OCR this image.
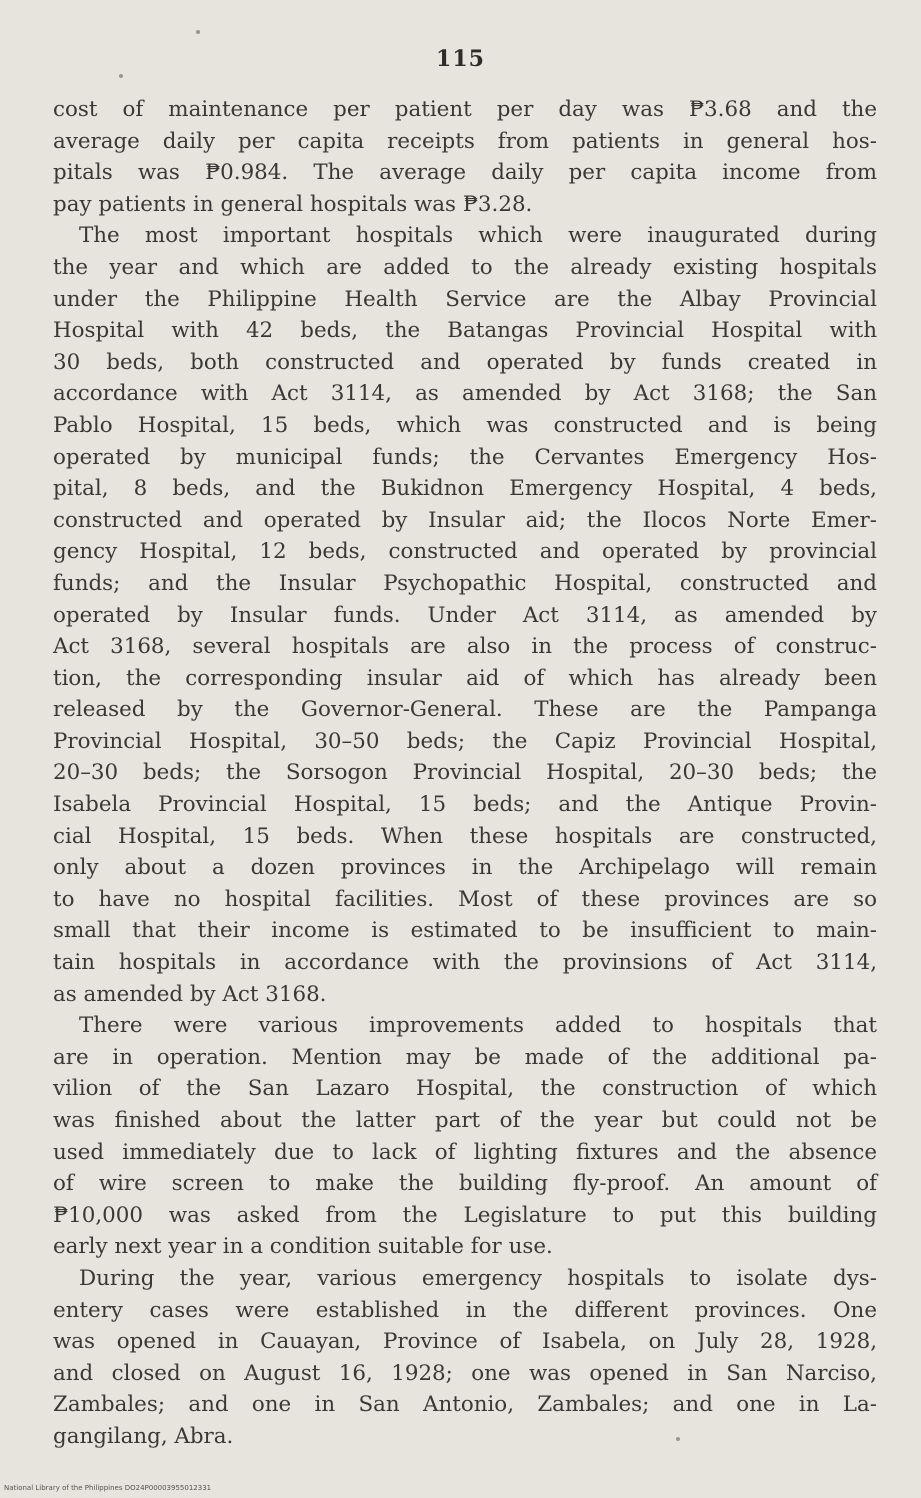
115

cost of maintenance per patient per day was ₱3.68 and the
average daily per capita receipts from patients in general hos-
pitals was ₱0.984. The average daily per capita income from
pay patients in general hospitals was ₱3.28.

The most important hospitals which were inaugurated during
the year and which are added to the already existing hospitals
under the Philippine Health Service are the Albay Provincial
Hospital with 42 beds, the Batangas Provincial Hospital with
30 beds, both constructed and operated by funds created in
accordance with Act 3114, as amended by Act 3168; the San
Pablo Hospital, 15 beds, which was constructed and is being
operated by municipal funds; the Cervantes Emergency Hos-
pital, 8 beds, and the Bukidnon Emergency Hospital, 4 beds,
constructed and operated by Insular aid; the Ilocos Norte Emer-
gency Hospital, 12 beds, constructed and operated by provincial
funds; and the Insular Psychopathic Hospital, constructed and
operated by Insular funds. Under Act 3114, as amended by
Act 3168, several hospitals are also in the process of construc-
tion, the corresponding insular aid of which has already been
released by the Governor-General. These are the Pampanga
Provincial Hospital, 30–50 beds; the Capiz Provincial Hospital,
20–30 beds; the Sorsogon Provincial Hospital, 20–30 beds; the
Isabela Provincial Hospital, 15 beds; and the Antique Provin-
cial Hospital, 15 beds. When these hospitals are constructed,
only about a dozen provinces in the Archipelago will remain
to have no hospital facilities. Most of these provinces are so
small that their income is estimated to be insufficient to main-
tain hospitals in accordance with the provinsions of Act 3114,
as amended by Act 3168.

There were various improvements added to hospitals that
are in operation. Mention may be made of the additional pa-
vilion of the San Lazaro Hospital, the construction of which
was finished about the latter part of the year but could not be
used immediately due to lack of lighting fixtures and the absence
of wire screen to make the building fly-proof. An amount of
₱10,000 was asked from the Legislature to put this building
early next year in a condition suitable for use.

During the year, various emergency hospitals to isolate dys-
entery cases were established in the different provinces. One
was opened in Cauayan, Province of Isabela, on July 28, 1928,
and closed on August 16, 1928; one was opened in San Narciso,
Zambales; and one in San Antonio, Zambales; and one in La-
gangilang, Abra.

National Library of the Philippines DO24P00003955012331
